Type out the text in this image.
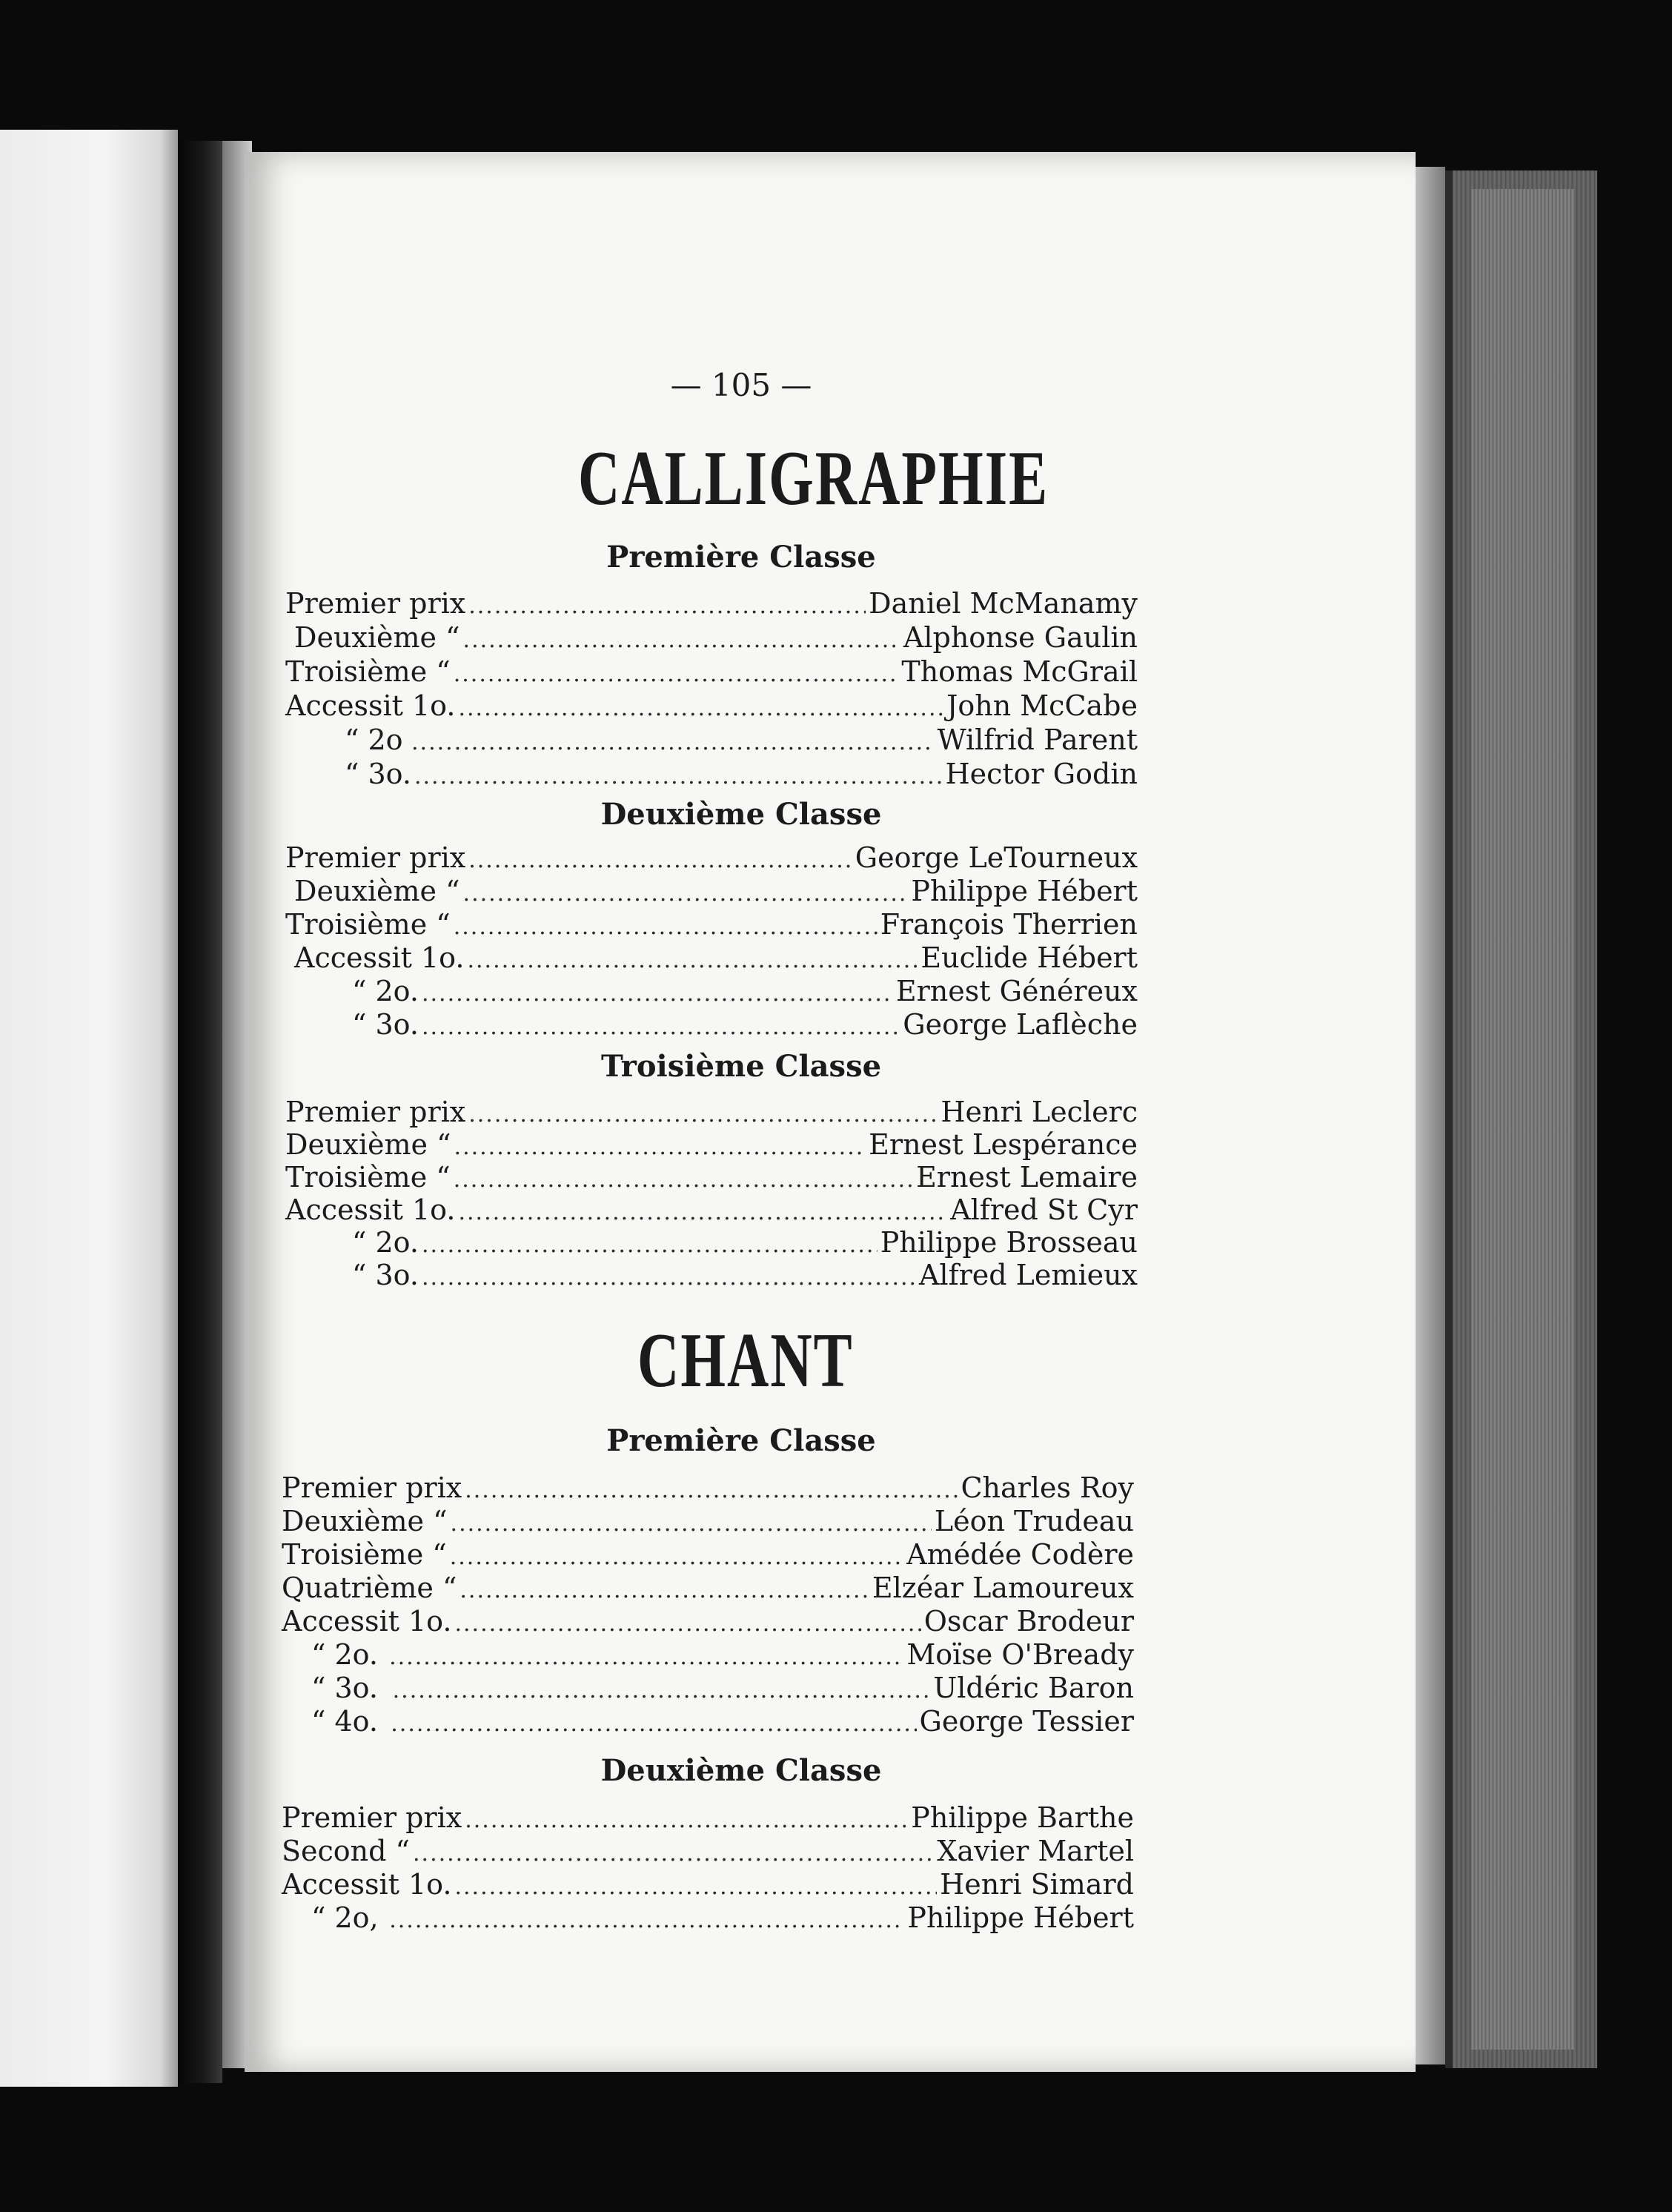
— 105 —
CALLIGRAPHIE
Première Classe
Premier prix .....	Daniel McManamy
Deuxième “ .....	Alphonse Gaulin
Troisième “ .....	Thomas McGrail
Accessit 1o. .....	John McCabe
“ 2o .....	Wilfrid Parent
“ 3o. .....	Hector Godin
Deuxième Classe
Premier prix .....	George LeTourneux
Deuxième “ .....	Philippe Hébert
Troisième “ .....	François Therrien
Accessit 1o. .....	Euclide Hébert
“ 2o. .....	Ernest Généreux
“ 3o. .....	George Laflèche
Troisième Classe
Premier prix .....	Henri Leclerc
Deuxième “ .....	Ernest Lespérance
Troisième “ .....	Ernest Lemaire
Accessit 1o. .....	Alfred St Cyr
“ 2o. .....	Philippe Brosseau
“ 3o. .....	Alfred Lemieux
CHANT
Première Classe
Premier prix .....	Charles Roy
Deuxième “ .....	Léon Trudeau
Troisième “ .....	Amédée Codère
Quatrième “ .....	Elzéar Lamoureux
Accessit 1o. .....	Oscar Brodeur
“ 2o. .....	Moïse O'Bready
“ 3o. .....	Uldéric Baron
“ 4o. .....	George Tessier
Deuxième Classe
Premier prix .....	Philippe Barthe
Second “ .....	Xavier Martel
Accessit 1o. .....	Henri Simard
“ 2o, .....	Philippe Hébert
